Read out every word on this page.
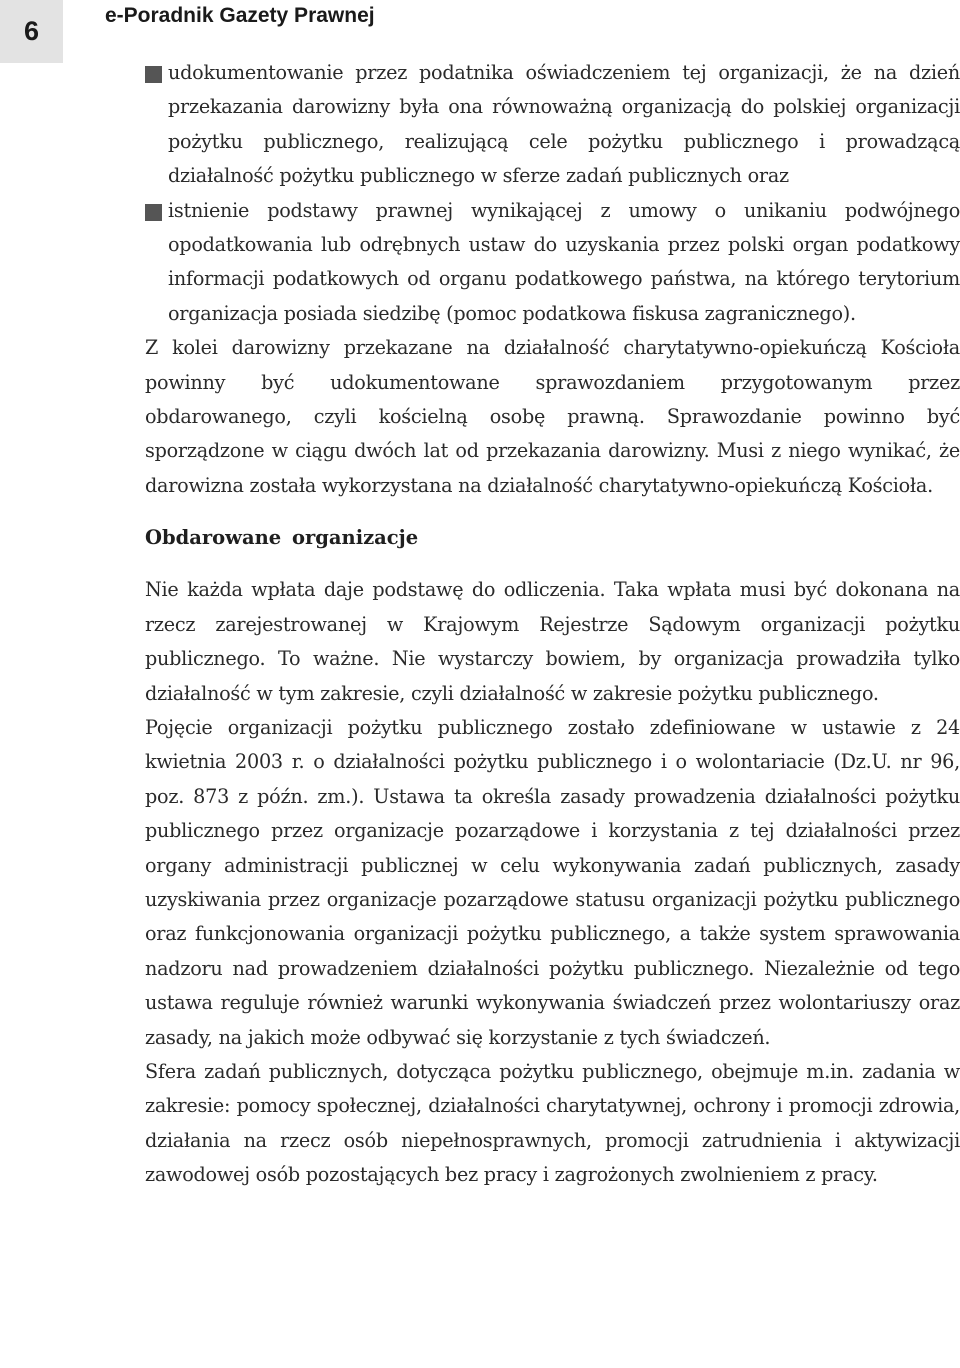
6
e-Poradnik Gazety Prawnej
udokumentowanie przez podatnika oświadczeniem tej organizacji, że na dzień przekazania darowizny była ona równoważną organizacją do polskiej organizacji pożytku publicznego, realizującą cele pożytku publicznego i prowadzącą działalność pożytku publicznego w sferze zadań publicznych oraz
istnienie podstawy prawnej wynikającej z umowy o unikaniu podwójnego opodatkowania lub odrębnych ustaw do uzyskania przez polski organ podatkowy informacji podatkowych od organu podatkowego państwa, na którego terytorium organizacja posiada siedzibę (pomoc podatkowa fiskusa zagranicznego).

Z kolei darowizny przekazane na działalność charytatywno-opiekuńczą Kościoła powinny być udokumentowane sprawozdaniem przygotowanym przez obdarowanego, czyli kościelną osobę prawną. Sprawozdanie powinno być sporządzone w ciągu dwóch lat od przekazania darowizny. Musi z niego wynikać, że darowizna została wykorzystana na działalność charytatywno-opiekuńczą Kościoła.

Obdarowane organizacje

Nie każda wpłata daje podstawę do odliczenia. Taka wpłata musi być dokonana na rzecz zarejestrowanej w Krajowym Rejestrze Sądowym organizacji pożytku publicznego. To ważne. Nie wystarczy bowiem, by organizacja prowadziła tylko działalność w tym zakresie, czyli działalność w zakresie pożytku publicznego.

Pojęcie organizacji pożytku publicznego zostało zdefiniowane w ustawie z 24 kwietnia 2003 r. o działalności pożytku publicznego i o wolontariacie (Dz.U. nr 96, poz. 873 z późn. zm.). Ustawa ta określa zasady prowadzenia działalności pożytku publicznego przez organizacje pozarządowe i korzystania z tej działalności przez organy administracji publicznej w celu wykonywania zadań publicznych, zasady uzyskiwania przez organizacje pozarządowe statusu organizacji pożytku publicznego oraz funkcjonowania organizacji pożytku publicznego, a także system sprawowania nadzoru nad prowadzeniem działalności pożytku publicznego. Niezależnie od tego ustawa reguluje również warunki wykonywania świadczeń przez wolontariuszy oraz zasady, na jakich może odbywać się korzystanie z tych świadczeń.

Sfera zadań publicznych, dotycząca pożytku publicznego, obejmuje m.in. zadania w zakresie: pomocy społecznej, działalności charytatywnej, ochrony i promocji zdrowia, działania na rzecz osób niepełnosprawnych, promocji zatrudnienia i aktywizacji zawodowej osób pozostających bez pracy i zagrożonych zwolnieniem z pracy.
